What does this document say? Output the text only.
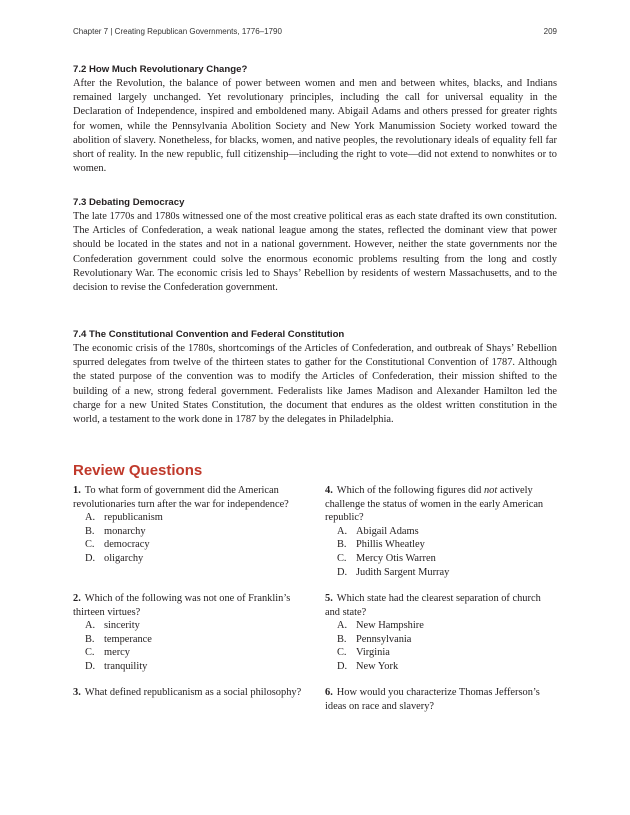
Chapter 7 | Creating Republican Governments, 1776–1790	209
7.2 How Much Revolutionary Change?

After the Revolution, the balance of power between women and men and between whites, blacks, and Indians remained largely unchanged. Yet revolutionary principles, including the call for universal equality in the Declaration of Independence, inspired and emboldened many. Abigail Adams and others pressed for greater rights for women, while the Pennsylvania Abolition Society and New York Manumission Society worked toward the abolition of slavery. Nonetheless, for blacks, women, and native peoples, the revolutionary ideals of equality fell far short of reality. In the new republic, full citizenship—including the right to vote—did not extend to nonwhites or to women.

7.3 Debating Democracy

The late 1770s and 1780s witnessed one of the most creative political eras as each state drafted its own constitution. The Articles of Confederation, a weak national league among the states, reflected the dominant view that power should be located in the states and not in a national government. However, neither the state governments nor the Confederation government could solve the enormous economic problems resulting from the long and costly Revolutionary War. The economic crisis led to Shays’ Rebellion by residents of western Massachusetts, and to the decision to revise the Confederation government.

7.4 The Constitutional Convention and Federal Constitution

The economic crisis of the 1780s, shortcomings of the Articles of Confederation, and outbreak of Shays’ Rebellion spurred delegates from twelve of the thirteen states to gather for the Constitutional Convention of 1787. Although the stated purpose of the convention was to modify the Articles of Confederation, their mission shifted to the building of a new, strong federal government. Federalists like James Madison and Alexander Hamilton led the charge for a new United States Constitution, the document that endures as the oldest written constitution in the world, a testament to the work done in 1787 by the delegates in Philadelphia.

Review Questions

1. To what form of government did the American revolutionaries turn after the war for independence?

A. republicanism
B. monarchy
C. democracy
D. oligarchy

2. Which of the following was not one of Franklin’s thirteen virtues?

A. sincerity
B. temperance
C. mercy
D. tranquility

3. What defined republicanism as a social philosophy?

4. Which of the following figures did not actively challenge the status of women in the early American republic?

A. Abigail Adams
B. Phillis Wheatley
C. Mercy Otis Warren
D. Judith Sargent Murray

5. Which state had the clearest separation of church and state?

A. New Hampshire
B. Pennsylvania
C. Virginia
D. New York

6. How would you characterize Thomas Jefferson’s ideas on race and slavery?
